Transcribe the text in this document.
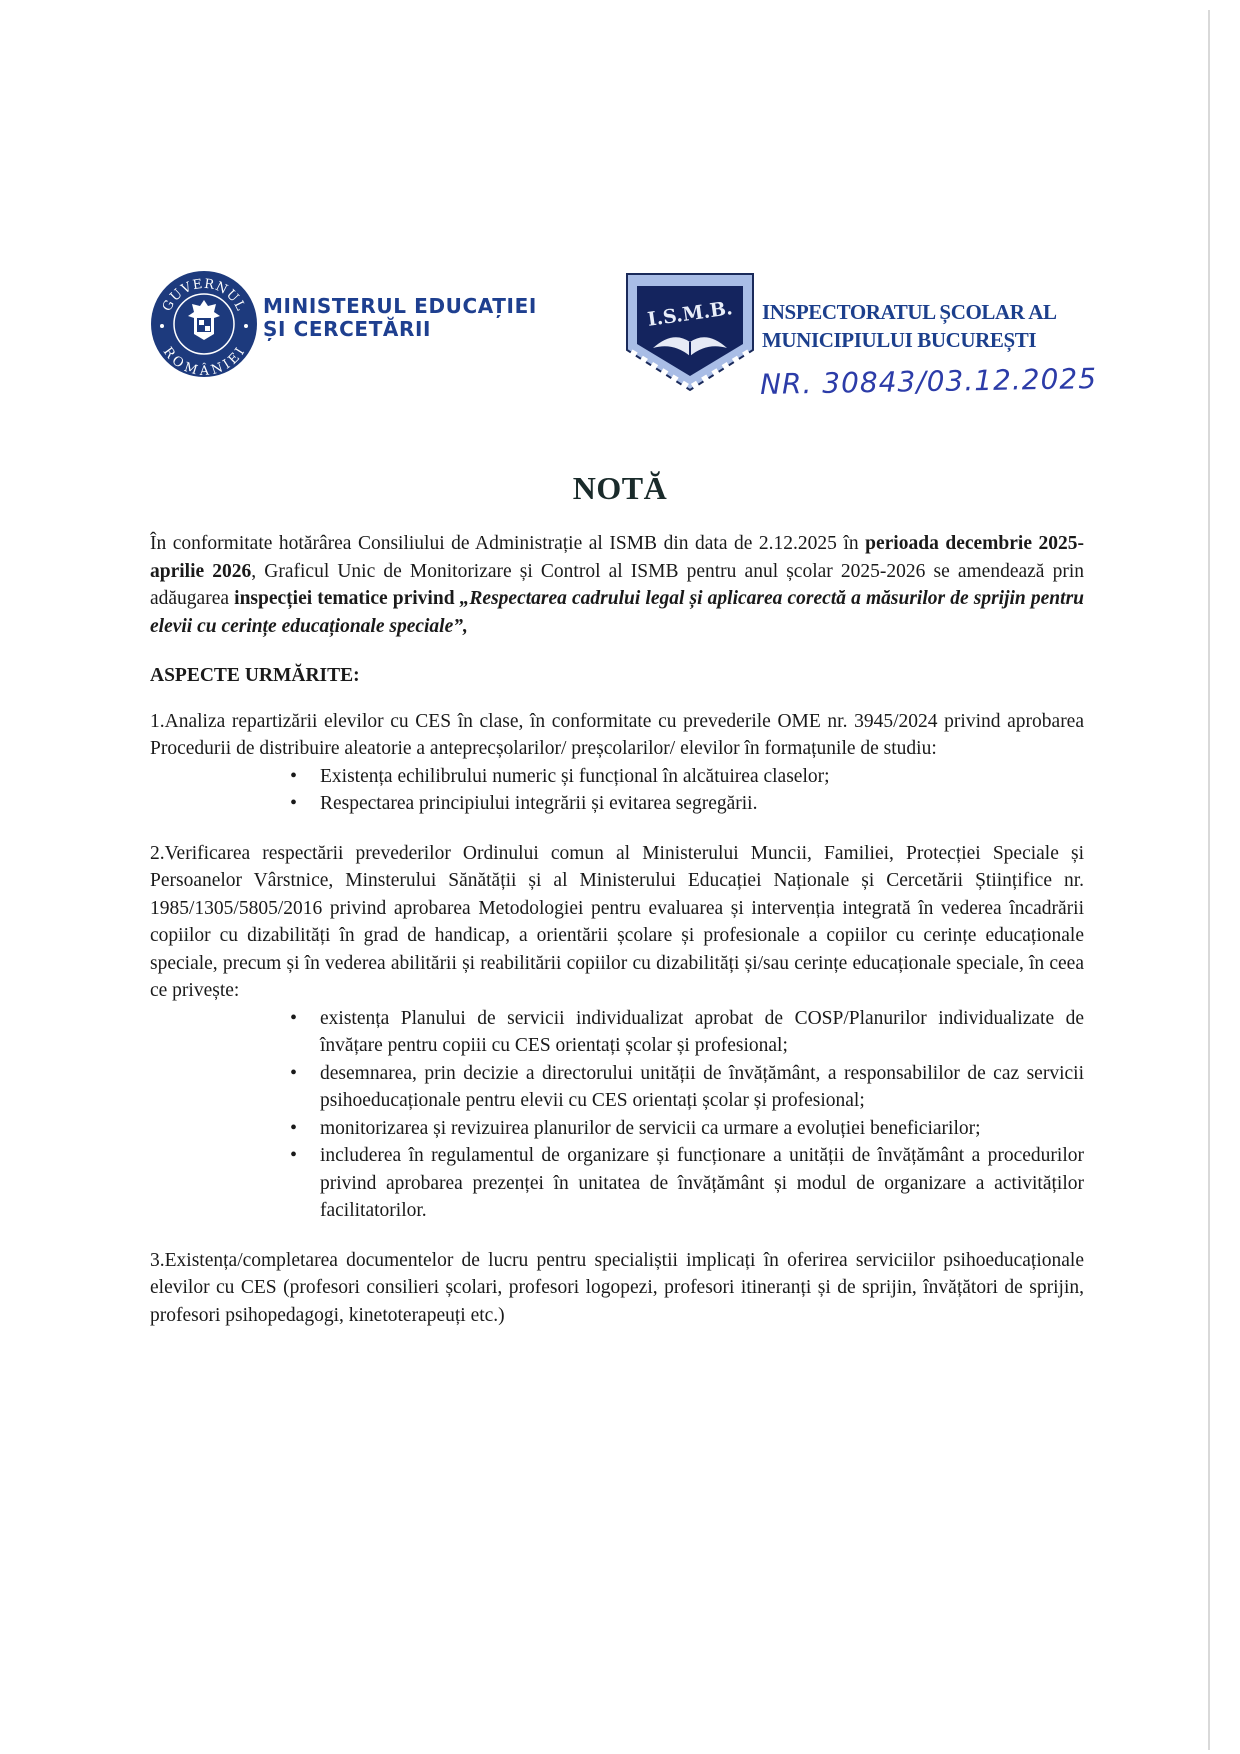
GUVERNUL
ROMÂNIEI
MINISTERUL EDUCAȚIEI
ȘI CERCETĂRII	I.S.M.B. INSPECTORATUL ȘCOLAR AL
MUNICIPIULUI BUCUREȘTI
NR. 30843/03.12.2025
NOTĂ

În conformitate hotărârea Consiliului de Administrație al ISMB din data de 2.12.2025 în perioada decembrie 2025-aprilie 2026, Graficul Unic de Monitorizare și Control al ISMB pentru anul școlar 2025-2026 se amendează prin adăugarea inspecției tematice privind „Respectarea cadrului legal și aplicarea corectă a măsurilor de sprijin pentru elevii cu cerințe educaționale speciale”,

ASPECTE URMĂRITE:

1.Analiza repartizării elevilor cu CES în clase, în conformitate cu prevederile OME nr. 3945/2024 privind aprobarea Procedurii de distribuire aleatorie a anteprecșolarilor/ preșcolarilor/ elevilor în formațunile de studiu:

• Existența echilibrului numeric și funcțional în alcătuirea claselor;
• Respectarea principiului integrării și evitarea segregării.

2.Verificarea respectării prevederilor Ordinului comun al Ministerului Muncii, Familiei, Protecției Speciale și Persoanelor Vârstnice, Minsterului Sănătății și al Ministerului Educației Naționale și Cercetării Științifice nr. 1985/1305/5805/2016 privind aprobarea Metodologiei pentru evaluarea și intervenția integrată în vederea încadrării copiilor cu dizabilități în grad de handicap, a orientării școlare și profesionale a copiilor cu cerințe educaționale speciale, precum și în vederea abilitării și reabilitării copiilor cu dizabilități și/sau cerințe educaționale speciale, în ceea ce privește:

• existența Planului de servicii individualizat aprobat de COSP/Planurilor individualizate de învățare pentru copiii cu CES orientați școlar și profesional;
• desemnarea, prin decizie a directorului unității de învățământ, a responsabililor de caz servicii psihoeducaționale pentru elevii cu CES orientați școlar și profesional;
• monitorizarea și revizuirea planurilor de servicii ca urmare a evoluției beneficiarilor;
• includerea în regulamentul de organizare și funcționare a unității de învățământ a procedurilor privind aprobarea prezenței în unitatea de învățământ și modul de organizare a activităților facilitatorilor.

3.Existența/completarea documentelor de lucru pentru specialiștii implicați în oferirea serviciilor psihoeducaționale elevilor cu CES (profesori consilieri școlari, profesori logopezi, profesori itineranți și de sprijin, învățători de sprijin, profesori psihopedagogi, kinetoterapeuți etc.)
